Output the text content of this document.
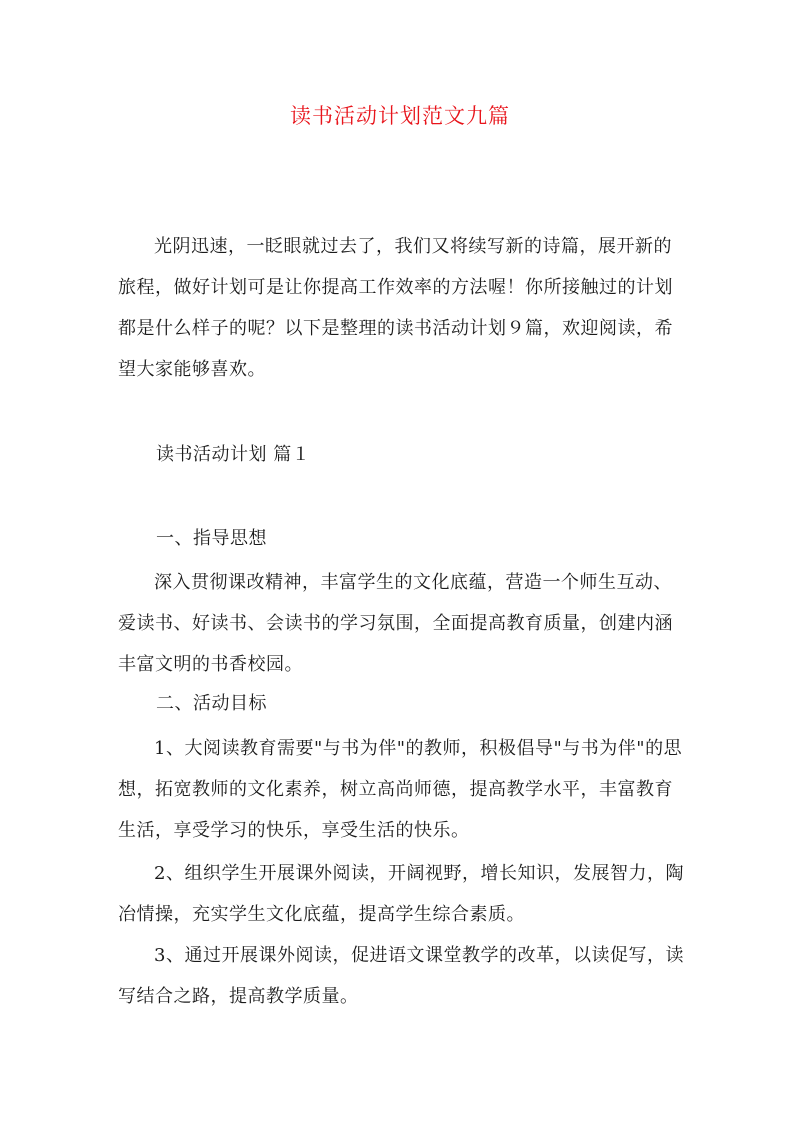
读书活动计划范文九篇

光阴迅速，一眨眼就过去了，我们又将续写新的诗篇，展开新的旅程，做好计划可是让你提高工作效率的方法喔！你所接触过的计划都是什么样子的呢？以下是整理的读书活动计划９篇，欢迎阅读，希望大家能够喜欢。

读书活动计划 篇１
一、指导思想

深入贯彻课改精神，丰富学生的文化底蕴，营造一个师生互动、爱读书、好读书、会读书的学习氛围，全面提高教育质量，创建内涵丰富文明的书香校园。

二、活动目标

1、大阅读教育需要"与书为伴"的教师，积极倡导"与书为伴"的思想，拓宽教师的文化素养，树立高尚师德，提高教学水平，丰富教育生活，享受学习的快乐，享受生活的快乐。

2、组织学生开展课外阅读，开阔视野，增长知识，发展智力，陶冶情操，充实学生文化底蕴，提高学生综合素质。

3、通过开展课外阅读，促进语文课堂教学的改革，以读促写，读写结合之路，提高教学质量。
